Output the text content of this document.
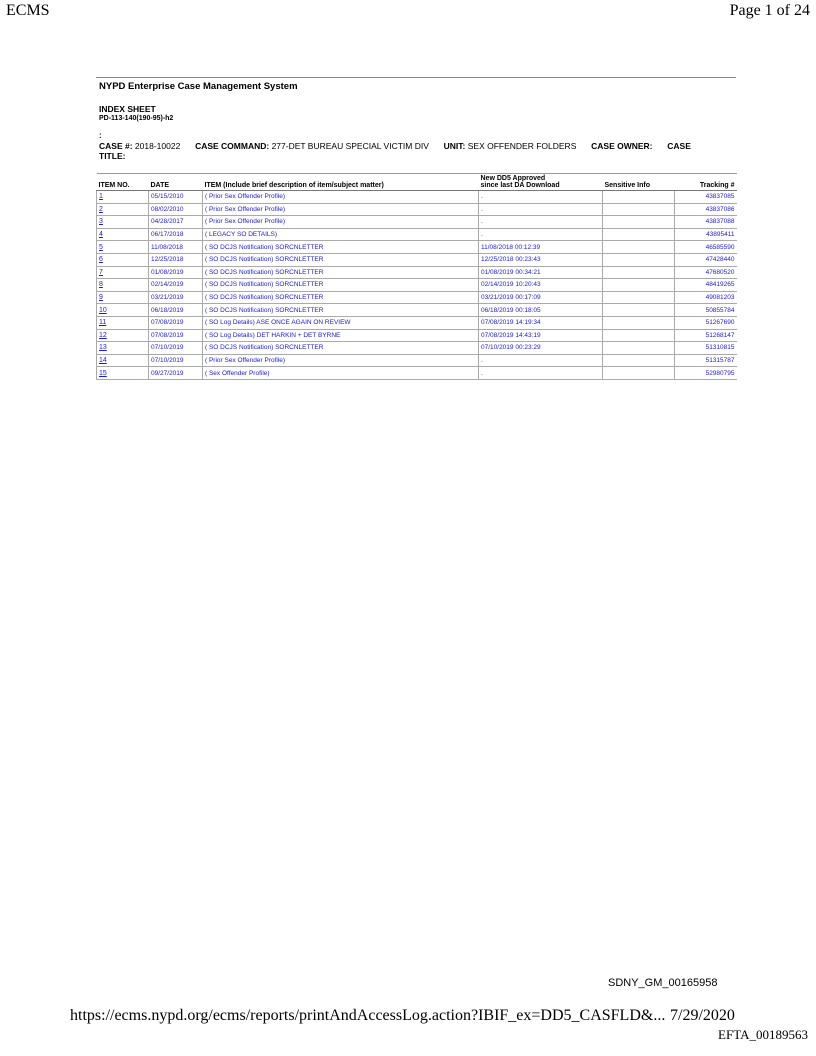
ECMS	Page 1 of 24
NYPD Enterprise Case Management System
INDEX SHEET
PD-113-140(190-95)-h2
:
CASE #: 2018-10022 CASE COMMAND: 277-DET BUREAU SPECIAL VICTIM DIV UNIT: SEX OFFENDER FOLDERS CASE OWNER: CASE
TITLE:
ITEM NO.	DATE	ITEM (Include brief description of item/subject matter)	New DD5 Approved
since last DA Download	Sensitive Info	Tracking #
1	05/15/2010	( Prior Sex Offender Profile)	.		43837085
2	08/02/2010	( Prior Sex Offender Profile)	.		43837086
3	04/28/2017	( Prior Sex Offender Profile)	.		43837088
4	06/17/2018	( LEGACY SO DETAILS)	.		43895411
5	11/08/2018	( SO DCJS Notification) SORCNLETTER	11/08/2018 00:12:39		46585590
6	12/25/2018	( SO DCJS Notification) SORCNLETTER	12/25/2018 00:23:43		47428440
7	01/08/2019	( SO DCJS Notification) SORCNLETTER	01/08/2019 00:34:21		47680520
8	02/14/2019	( SO DCJS Notification) SORCNLETTER	02/14/2019 10:20:43		48419265
9	03/21/2019	( SO DCJS Notification) SORCNLETTER	03/21/2019 00:17:09		49081203
10	06/18/2019	( SO DCJS Notification) SORCNLETTER	06/18/2019 00:18:05		50855784
11	07/08/2019	( SO Log Details) ASE ONCE AGAIN ON REVIEW	07/08/2019 14:19:34		51267690
12	07/08/2019	( SO Log Details) DET HARKIN + DET BYRNE	07/08/2019 14:43:19		51268147
13	07/10/2019	( SO DCJS Notification) SORCNLETTER	07/10/2019 00:23:29		51310815
14	07/10/2019	( Prior Sex Offender Profile)	.		51315787
15	09/27/2019	( Sex Offender Profile)	.		52980795
SDNY_GM_00165958
https://ecms.nypd.org/ecms/reports/printAndAccessLog.action?IBIF_ex=DD5_CASFLD&... 7/29/2020
EFTA_00189563
